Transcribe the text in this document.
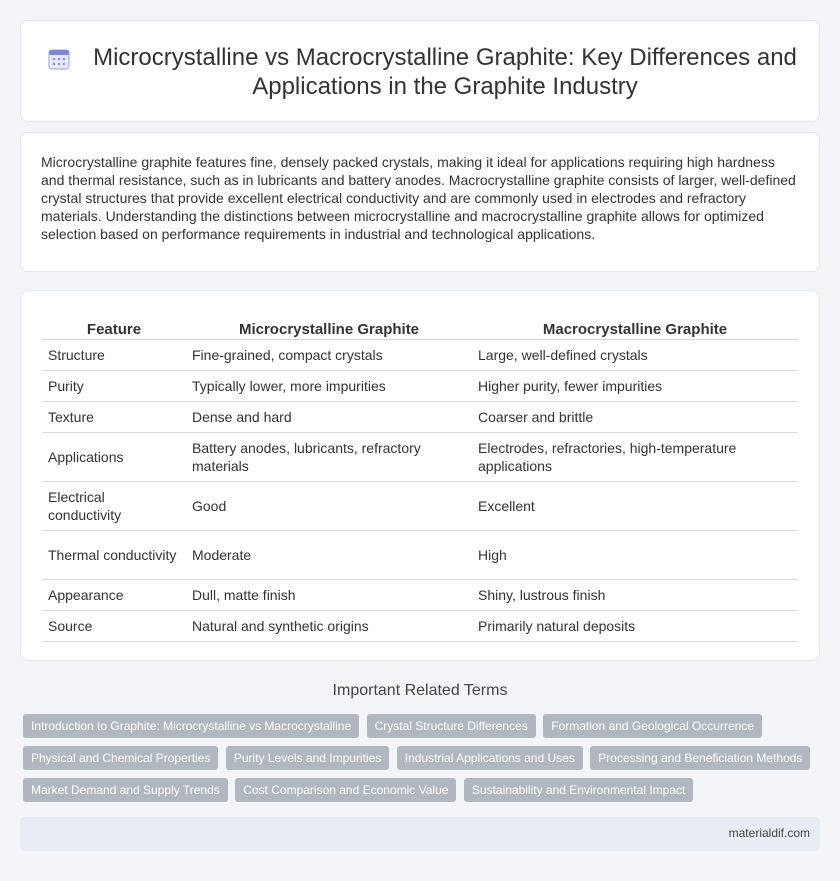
Microcrystalline vs Macrocrystalline Graphite: Key Differences and Applications in the Graphite Industry

Microcrystalline graphite features fine, densely packed crystals, making it ideal for applications requiring high hardness and thermal resistance, such as in lubricants and battery anodes. Macrocrystalline graphite consists of larger, well-defined crystal structures that provide excellent electrical conductivity and are commonly used in electrodes and refractory materials. Understanding the distinctions between microcrystalline and macrocrystalline graphite allows for optimized selection based on performance requirements in industrial and technological applications.

Feature	Microcrystalline Graphite	Macrocrystalline Graphite
Structure	Fine-grained, compact crystals	Large, well-defined crystals
Purity	Typically lower, more impurities	Higher purity, fewer impurities
Texture	Dense and hard	Coarser and brittle
Applications	Battery anodes, lubricants, refractory materials	Electrodes, refractories, high-temperature applications
Electrical conductivity	Good	Excellent
Thermal conductivity	Moderate	High
Appearance	Dull, matte finish	Shiny, lustrous finish
Source	Natural and synthetic origins	Primarily natural deposits
Important Related Terms
Introduction to Graphite: Microcrystalline vs Macrocrystalline Crystal Structure Differences Formation and Geological Occurrence Physical and Chemical Properties Purity Levels and Impurities Industrial Applications and Uses Processing and Beneficiation Methods Market Demand and Supply Trends Cost Comparison and Economic Value Sustainability and Environmental Impact
materialdif.com
